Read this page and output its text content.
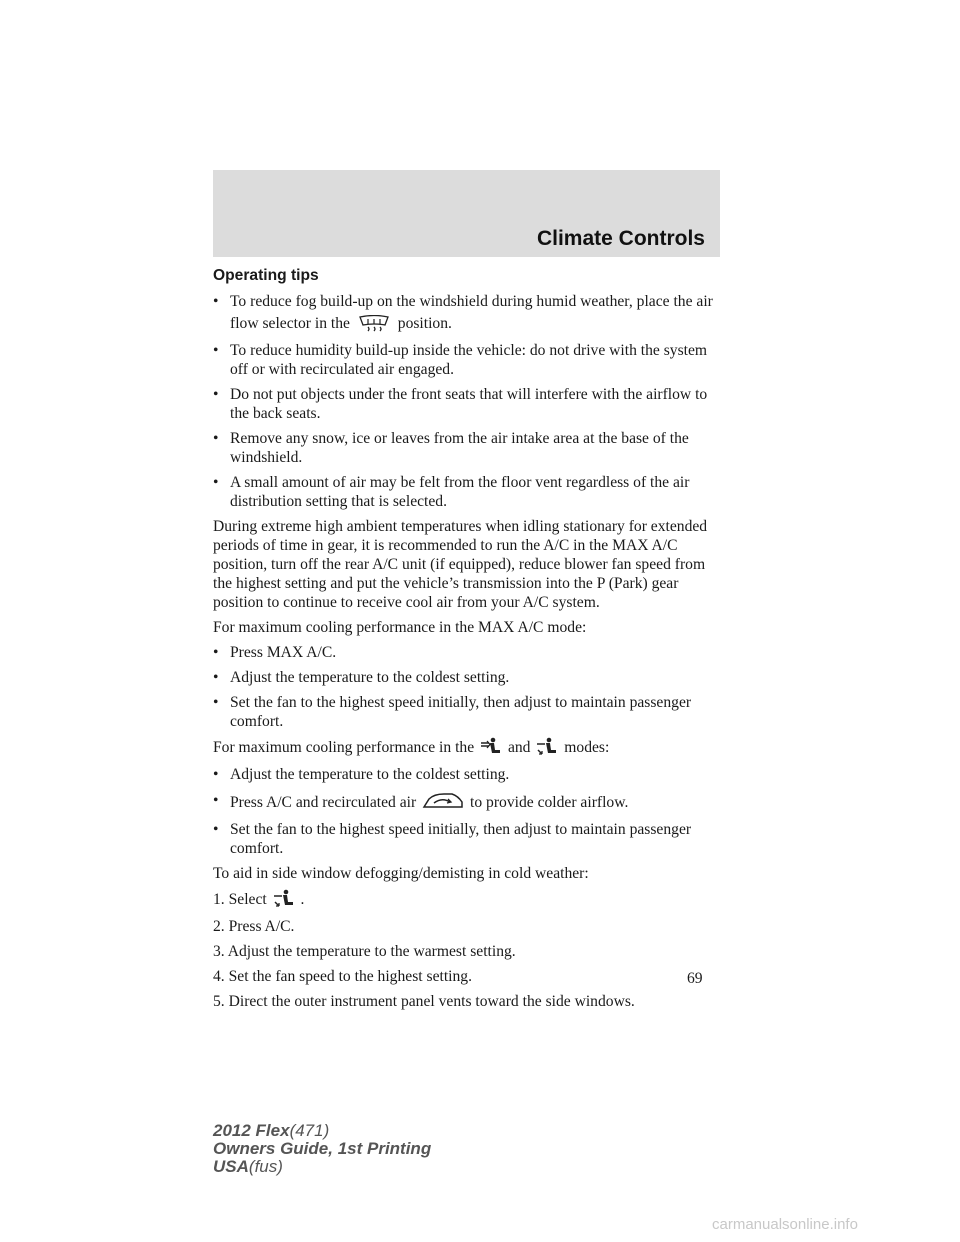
Climate Controls
Operating tips
• To reduce fog build-up on the windshield during humid weather, place the air flow selector in the	position.
• To reduce humidity build-up inside the vehicle: do not drive with the system off or with recirculated air engaged.
• Do not put objects under the front seats that will interfere with the airflow to the back seats.
• Remove any snow, ice or leaves from the air intake area at the base of the windshield.
• A small amount of air may be felt from the floor vent regardless of the air distribution setting that is selected.

During extreme high ambient temperatures when idling stationary for extended periods of time in gear, it is recommended to run the A/C in the MAX A/C position, turn off the rear A/C unit (if equipped), reduce blower fan speed from the highest setting and put the vehicle’s transmission into the P (Park) gear position to continue to receive cool air from your A/C system.

For maximum cooling performance in the MAX A/C mode:

• Press MAX A/C.
• Adjust the temperature to the coldest setting.
• Set the fan to the highest speed initially, then adjust to maintain passenger comfort.

For maximum cooling performance in the and modes:

• Adjust the temperature to the coldest setting.
• Press A/C and recirculated air	to provide colder airflow.
• Set the fan to the highest speed initially, then adjust to maintain passenger comfort.

To aid in side window defogging/demisting in cold weather:

1. Select .

2. Press A/C.

3. Adjust the temperature to the warmest setting.

4. Set the fan speed to the highest setting.

5. Direct the outer instrument panel vents toward the side windows.

69
2012 Flex(471)
Owners Guide, 1st Printing
USA(fus)
carmanualsonline.info
